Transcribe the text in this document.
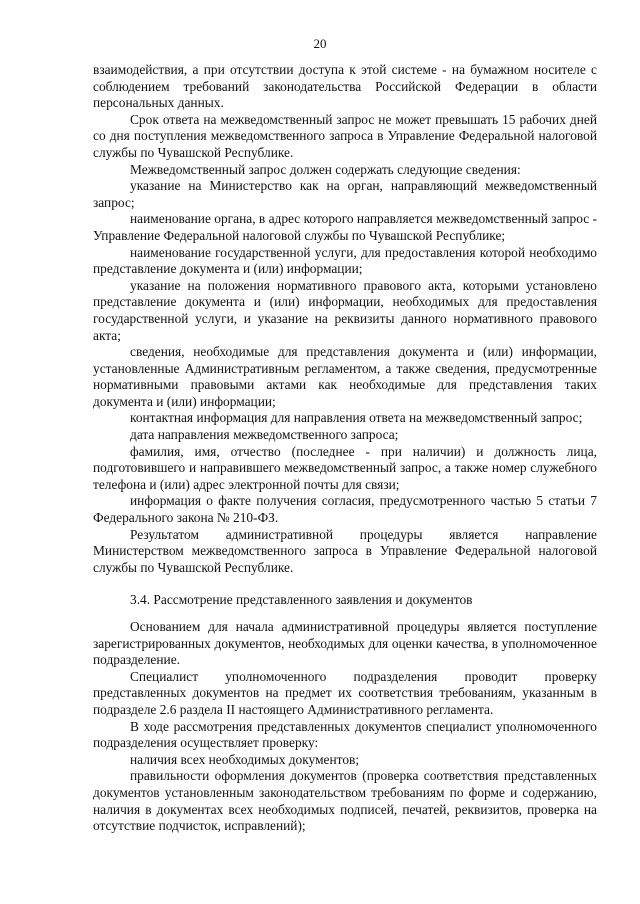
20

взаимодействия, а при отсутствии доступа к этой системе - на бумажном носителе с соблюдением требований законодательства Российской Федерации в области персональных данных.

Срок ответа на межведомственный запрос не может превышать 15 рабочих дней со дня поступления межведомственного запроса в Управление Федеральной налоговой службы по Чувашской Республике.

Межведомственный запрос должен содержать следующие сведения:

указание на Министерство как на орган, направляющий межведомственный запрос;

наименование органа, в адрес которого направляется межведомственный запрос - Управление Федеральной налоговой службы по Чувашской Республике;

наименование государственной услуги, для предоставления которой необходимо представление документа и (или) информации;

указание на положения нормативного правового акта, которыми установлено представление документа и (или) информации, необходимых для предоставления государственной услуги, и указание на реквизиты данного нормативного правового акта;

сведения, необходимые для представления документа и (или) информации, установленные Административным регламентом, а также сведения, предусмотренные нормативными правовыми актами как необходимые для представления таких документа и (или) информации;

контактная информация для направления ответа на межведомственный запрос;

дата направления межведомственного запроса;

фамилия, имя, отчество (последнее - при наличии) и должность лица, подготовившего и направившего межведомственный запрос, а также номер служебного телефона и (или) адрес электронной почты для связи;

информация о факте получения согласия, предусмотренного частью 5 статьи 7 Федерального закона № 210-ФЗ.

Результатом административной процедуры является направление Министерством межведомственного запроса в Управление Федеральной налоговой службы по Чувашской Республике.

3.4. Рассмотрение представленного заявления и документов

Основанием для начала административной процедуры является поступление зарегистрированных документов, необходимых для оценки качества, в уполномоченное подразделение.

Специалист уполномоченного подразделения проводит проверку представленных документов на предмет их соответствия требованиям, указанным в подразделе 2.6 раздела II настоящего Административного регламента.

В ходе рассмотрения представленных документов специалист уполномоченного подразделения осуществляет проверку:

наличия всех необходимых документов;

правильности оформления документов (проверка соответствия представленных документов установленным законодательством требованиям по форме и содержанию, наличия в документах всех необходимых подписей, печатей, реквизитов, проверка на отсутствие подчисток, исправлений);
